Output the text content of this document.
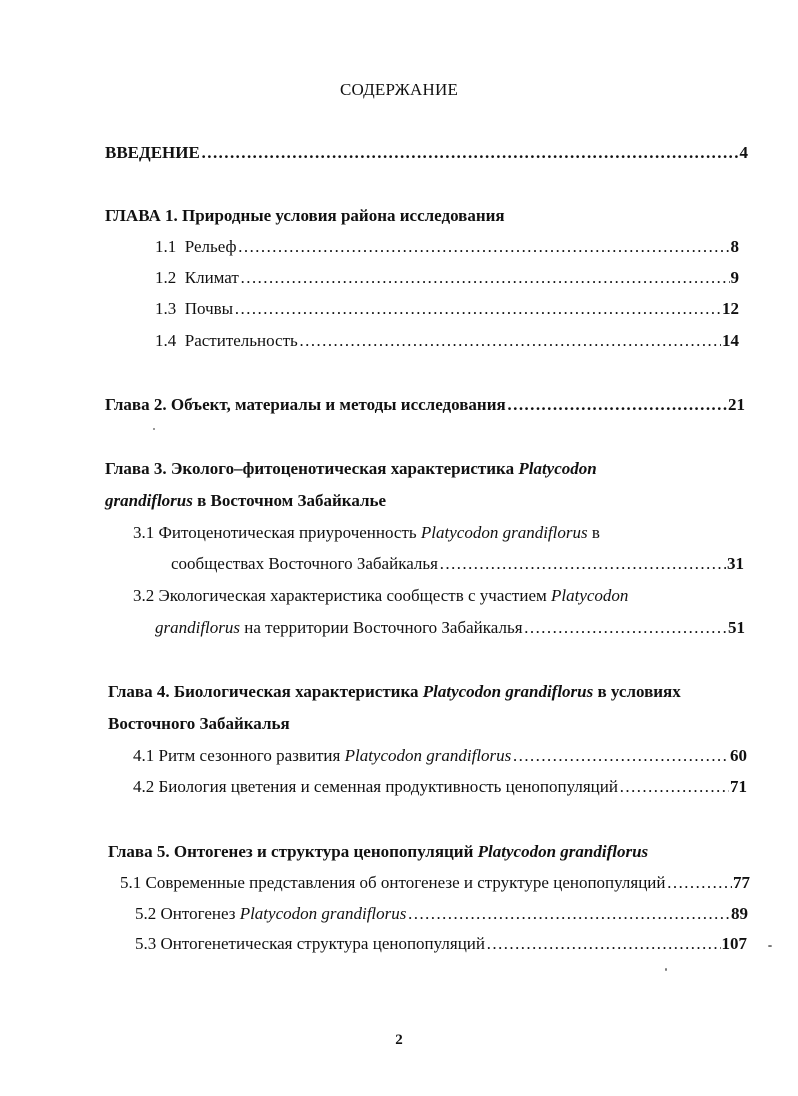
СОДЕРЖАНИЕ
ВВЕДЕНИЕ ……………………………………………………………………………………………………………………………………………………………………………………………………………………………………………	4
ГЛАВА 1. Природные условия района исследования
1.1 Рельеф ……………………………………………………………………………………………………………………………………………………………………………………………………………………………………………	8
1.2 Климат ……………………………………………………………………………………………………………………………………………………………………………………………………………………………………………	9
1.3 Почвы ……………………………………………………………………………………………………………………………………………………………………………………………………………………………………………	12
1.4 Растительность ……………………………………………………………………………………………………………………………………………………………………………………………………………………………………………	14
Глава 2. Объект, материалы и методы исследования ……………………………………………………………………………………………………………………………………………………………………………………………………………………………………………	21
Глава 3. Эколого–фитоценотическая характеристика Platycodon
grandiflorus в Восточном Забайкалье
3.1 Фитоценотическая приуроченность Platycodon grandiflorus в
сообществах Восточного Забайкалья ……………………………………………………………………………………………………………………………………………………………………………………………………………………………………………	31
3.2 Экологическая характеристика сообществ с участием Platycodon
grandiflorus на территории Восточного Забайкалья ……………………………………………………………………………………………………………………………………………………………………………………………………………………………………………	51
Глава 4. Биологическая характеристика Platycodon grandiflorus в условиях
Восточного Забайкалья
4.1 Ритм сезонного развития Platycodon grandiflorus ……………………………………………………………………………………………………………………………………………………………………………………………………………………………………………	60
4.2 Биология цветения и семенная продуктивность ценопопуляций ……………………………………………………………………………………………………………………………………………………………………………………………………………………………………………	71
Глава 5. Онтогенез и структура ценопопуляций Platycodon grandiflorus
5.1 Современные представления об онтогенезе и структуре ценопопуляций ……………………………………………………………………………………………………………………………………………………………………………………………………………………………………………	77
5.2 Онтогенез Platycodon grandiflorus ……………………………………………………………………………………………………………………………………………………………………………………………………………………………………………	89
5.3 Онтогенетическая структура ценопопуляций ……………………………………………………………………………………………………………………………………………………………………………………………………………………………………………	107
2
